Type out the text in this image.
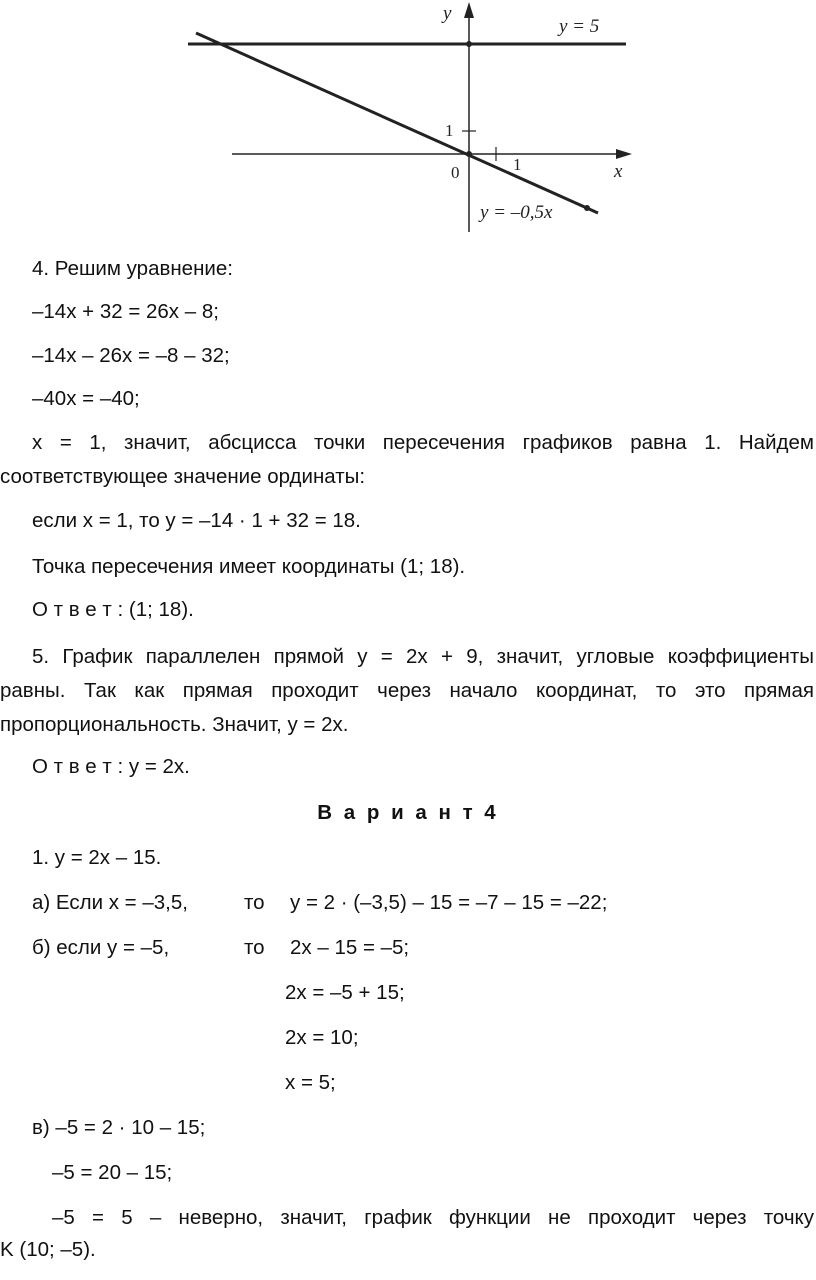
y
x
y = 5
y = –0,5x
1
1
0
4. Решим уравнение:
–14x + 32 = 26x – 8;
–14x – 26x = –8 – 32;
–40x = –40;
x = 1, значит, абсцисса точки пересечения графиков равна 1. Найдем
соответствующее значение ординаты:
если x = 1, то y = –14 · 1 + 32 = 18.
Точка пересечения имеет координаты (1; 18).
О т в е т : (1; 18).
5. График параллелен прямой y = 2x + 9, значит, угловые коэффициенты
равны. Так как прямая проходит через начало координат, то это прямая
пропорциональность. Значит, y = 2x.
О т в е т : y = 2x.
В а р и а н т 4
1. y = 2x – 15.
а) Если x = –3,5,	то y = 2 · (–3,5) – 15 = –7 – 15 = –22;
б) если y = –5,	то 2x – 15 = –5;
2x = –5 + 15;
2x = 10;
x = 5;
в) –5 = 2 · 10 – 15;
–5 = 20 – 15;
–5 = 5 – неверно, значит, график функции не проходит через точку
K (10; –5).
